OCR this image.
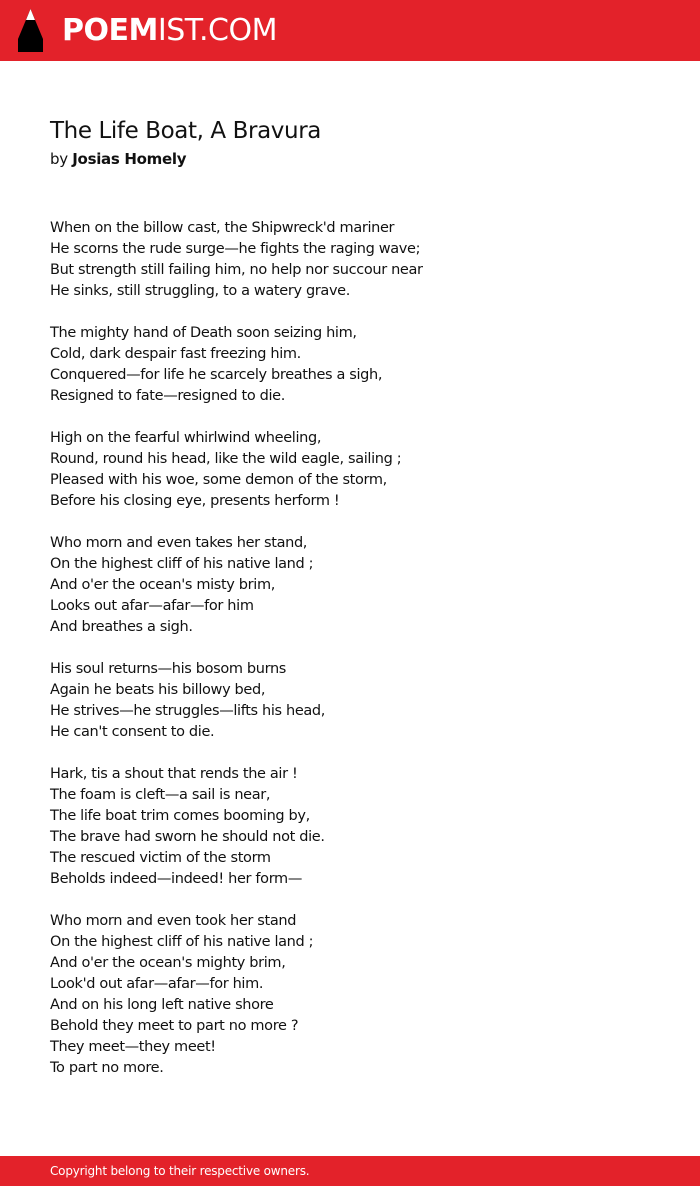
POEMIST.COM
The Life Boat, A Bravura
by Josias Homely
When on the billow cast, the Shipwreck'd mariner
He scorns the rude surge—he fights the raging wave;
But strength still failing him, no help nor succour near
He sinks, still struggling, to a watery grave.
The mighty hand of Death soon seizing him,
Cold, dark despair fast freezing him.
Conquered—for life he scarcely breathes a sigh,
Resigned to fate—resigned to die.
High on the fearful whirlwind wheeling,
Round, round his head, like the wild eagle, sailing ;
Pleased with his woe, some demon of the storm,
Before his closing eye, presents herform !
Who morn and even takes her stand,
On the highest cliff of his native land ;
And o'er the ocean's misty brim,
Looks out afar—afar—for him
And breathes a sigh.
His soul returns—his bosom burns
Again he beats his billowy bed,
He strives—he struggles—lifts his head,
He can't consent to die.
Hark, tis a shout that rends the air !
The foam is cleft—a sail is near,
The life boat trim comes booming by,
The brave had sworn he should not die.
The rescued victim of the storm
Beholds indeed—indeed! her form—
Who morn and even took her stand
On the highest cliff of his native land ;
And o'er the ocean's mighty brim,
Look'd out afar—afar—for him.
And on his long left native shore
Behold they meet to part no more ?
They meet—they meet!
To part no more.
Copyright belong to their respective owners.
